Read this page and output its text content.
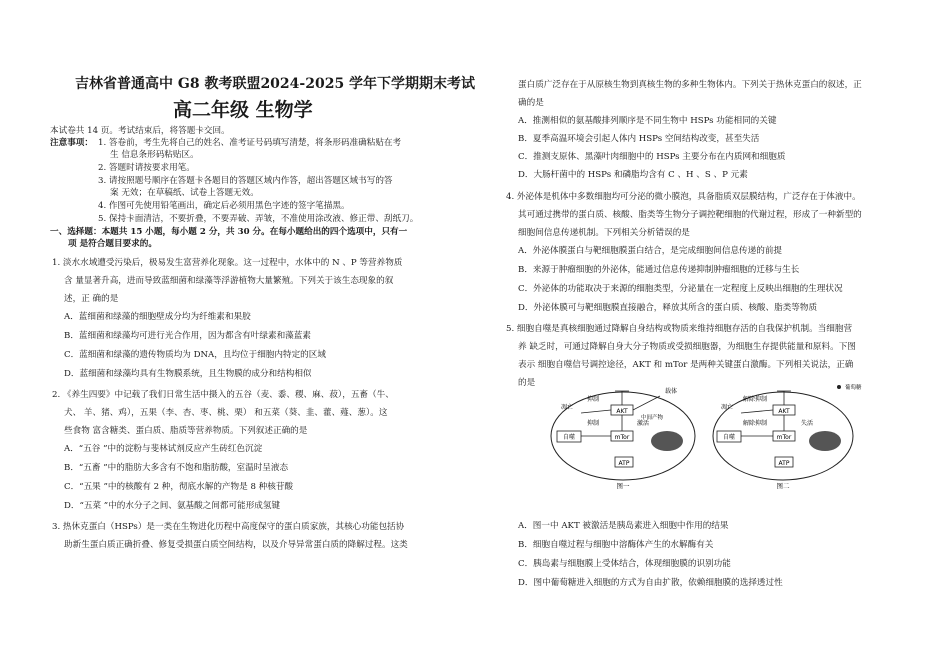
吉林省普通高中 G8 教考联盟2024-2025 学年下学期期末考试
高二年级 生物学
本试卷共 14 页。考试结束后，将答题卡交回。
注意事项： 1. 答卷前，考生先将自己的姓名、准考证号码填写清楚，将条形码准确粘贴在考
生 信息条形码粘贴区。
2. 答题时请按要求用笔。
3. 请按照题号顺序在答题卡各题目的答题区域内作答，超出答题区域书写的答
案 无效；在草稿纸、试卷上答题无效。
4. 作图可先使用铅笔画出，确定后必须用黑色字迹的签字笔描黑。
5. 保持卡面清洁，不要折叠，不要弄破、弄皱，不准使用涂改液、修正带、刮纸刀。
一、选择题：本题共 15 小题，每小题 2 分，共 30 分。在每小题给出的四个选项中，只有一
项 是符合题目要求的。
1. 淡水水域遭受污染后，极易发生富营养化现象。这一过程中，水体中的 N 、P 等营养物质
含 量显著升高，进而导致蓝细菌和绿藻等浮游植物大量繁殖。下列关于该生态现象的叙
述，正 确的是
A．蓝细菌和绿藻的细胞壁成分均为纤维素和果胶
B．蓝细菌和绿藻均可进行光合作用，因为都含有叶绿素和藻蓝素
C．蓝细菌和绿藻的遗传物质均为 DNA，且均位于细胞内特定的区域
D．蓝细菌和绿藻均具有生物膜系统，且生物膜的成分和结构相似
2. 《养生四要》中记载了我们日常生活中摄入的五谷（麦、黍、稷、麻、菽），五畜（牛、
犬、 羊、猪、鸡），五果（李、杏、枣、桃、栗） 和五菜（葵、韭、藿、薤、葱）。这
些食物 富含糖类、蛋白质、脂质等营养物质。下列叙述正确的是
A．“五谷 ”中的淀粉与斐林试剂反应产生砖红色沉淀
B．“五畜 ”中的脂肪大多含有不饱和脂肪酸，室温时呈液态
C．“五果 ”中的核酸有 2 种，彻底水解的产物是 8 种核苷酸
D．“五菜 ”中的水分子之间、氨基酸之间都可能形成氢键
3. 热休克蛋白（HSPs）是一类在生物进化历程中高度保守的蛋白质家族，其核心功能包括协
助新生蛋白质正确折叠、修复受损蛋白质空间结构，以及介导异常蛋白质的降解过程。这类
蛋白质广泛存在于从原核生物到真核生物的多种生物体内。下列关于热休克蛋白的叙述，正
确的是
A．推测相似的氨基酸排列顺序是不同生物中 HSPs 功能相同的关键
B．夏季高温环境会引起人体内 HSPs 空间结构改变，甚至失活
C．推测支原体、黑藻叶肉细胞中的 HSPs 主要分布在内质网和细胞质
D．大肠杆菌中的 HSPs 和磷脂均含有 C 、H 、S 、P 元素
4. 外泌体是机体中多数细胞均可分泌的微小膜泡，具备脂质双层膜结构，广泛存在于体液中。
其可通过携带的蛋白质、核酸、脂类等生物分子调控靶细胞的代谢过程，形成了一种新型的
细胞间信息传递机制。下列相关分析错误的是
A．外泌体膜蛋白与靶细胞膜蛋白结合，是完成细胞间信息传递的前提
B．来源于肿瘤细胞的外泌体，能通过信息传递抑制肿瘤细胞的迁移与生长
C．外泌体的功能取决于来源的细胞类型，分泌量在一定程度上反映出细胞的生理状况
D．外泌体膜可与靶细胞膜直接融合，释放其所含的蛋白质、核酸、脂类等物质
5. 细胞自噬是真核细胞通过降解自身结构或物质来维持细胞存活的自我保护机制。当细胞营
养 缺乏时，可通过降解自身大分子物质或受损细胞器，为细胞生存提供能量和原料。下图
表示 细胞自噬信号调控途径，AKT 和 mTor 是两种关键蛋白激酶。下列相关说法，正确
的是
AKT
mTor
自噬
凋亡
抑制
抑制	激活
中间产物
载体
ATP
图一
AKT
mTor
自噬
凋亡
解除抑制
解除抑制	失活
ATP
葡萄糖
图二
A．图一中 AKT 被激活是胰岛素进入细胞中作用的结果
B．细胞自噬过程与细胞中溶酶体产生的水解酶有关
C．胰岛素与细胞膜上受体结合，体现细胞膜的识别功能
D．图中葡萄糖进入细胞的方式为自由扩散，依赖细胞膜的选择透过性
